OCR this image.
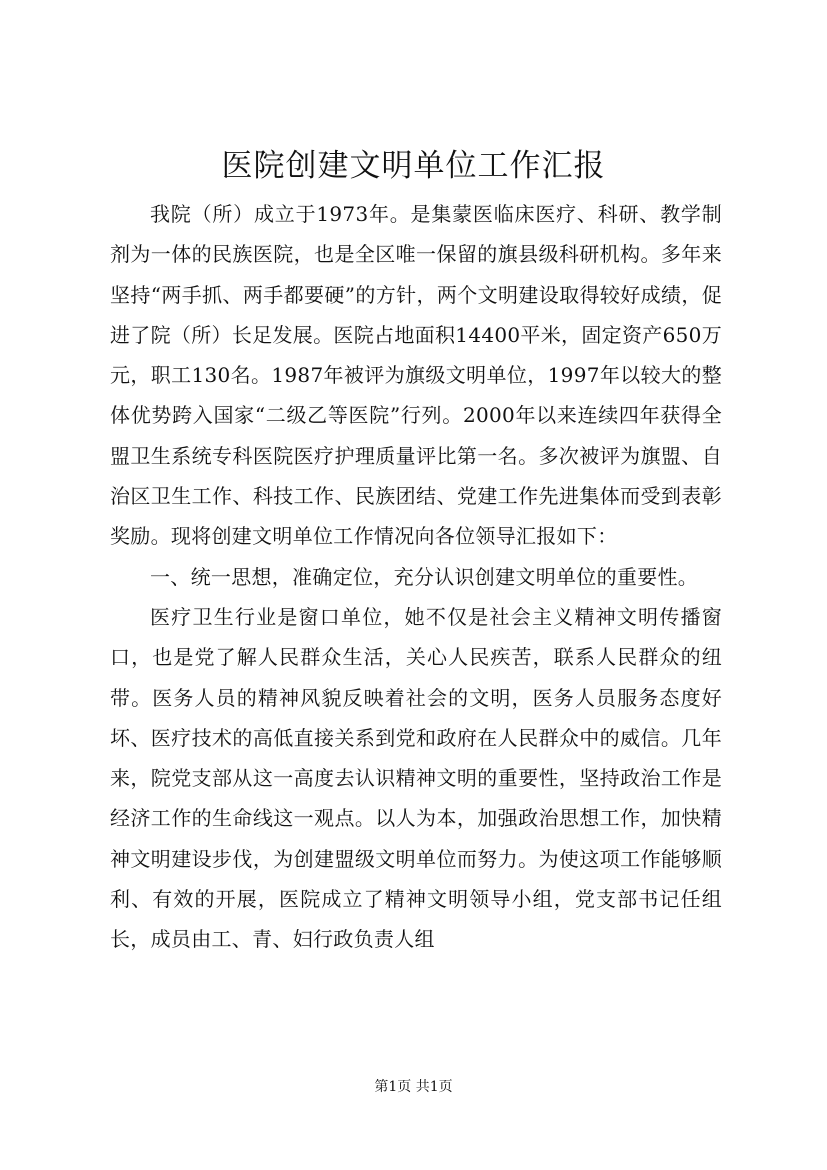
医院创建文明单位工作汇报

我院（所）成立于1973年。是集蒙医临床医疗、科研、教学制剂为一体的民族医院，也是全区唯一保留的旗县级科研机构。多年来坚持“两手抓、两手都要硬”的方针，两个文明建设取得较好成绩，促进了院（所）长足发展。医院占地面积14400平米，固定资产650万元，职工130名。1987年被评为旗级文明单位，1997年以较大的整体优势跨入国家“二级乙等医院”行列。2000年以来连续四年获得全盟卫生系统专科医院医疗护理质量评比第一名。多次被评为旗盟、自治区卫生工作、科技工作、民族团结、党建工作先进集体而受到表彰奖励。现将创建文明单位工作情况向各位领导汇报如下：

一、统一思想，准确定位，充分认识创建文明单位的重要性。

医疗卫生行业是窗口单位，她不仅是社会主义精神文明传播窗口，也是党了解人民群众生活，关心人民疾苦，联系人民群众的纽带。医务人员的精神风貌反映着社会的文明，医务人员服务态度好坏、医疗技术的高低直接关系到党和政府在人民群众中的威信。几年来，院党支部从这一高度去认识精神文明的重要性，坚持政治工作是经济工作的生命线这一观点。以人为本，加强政治思想工作，加快精神文明建设步伐，为创建盟级文明单位而努力。为使这项工作能够顺利、有效的开展，医院成立了精神文明领导小组，党支部书记任组长，成员由工、青、妇行政负责人组

第1页 共1页
